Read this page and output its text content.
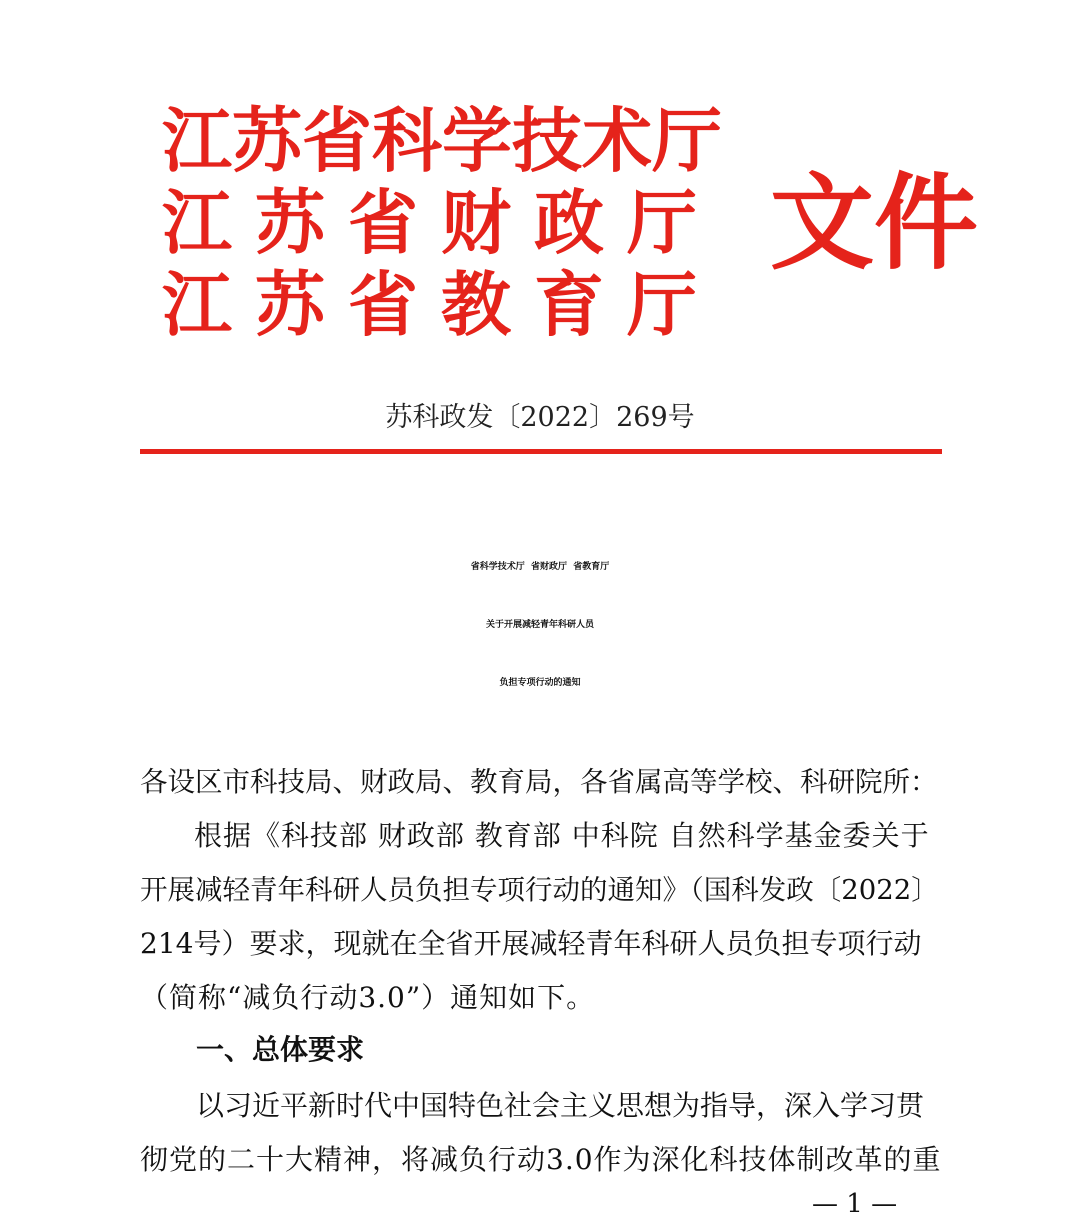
江苏省科学技术厅

江苏省财政厅

江苏省教育厅

文件

苏科政发〔2022〕269号

省科学技术厅  省财政厅  省教育厅

关于开展减轻青年科研人员

负担专项行动的通知

各设区市科技局、财政局、教育局，各省属高等学校、科研院所：

根据《科技部 财政部 教育部 中科院 自然科学基金委关于

开展减轻青年科研人员负担专项行动的通知》（国科发政〔2022〕

214号）要求，现就在全省开展减轻青年科研人员负担专项行动

（简称“减负行动3.0”）通知如下。

一、总体要求

以习近平新时代中国特色社会主义思想为指导，深入学习贯

彻党的二十大精神，将减负行动3.0作为深化科技体制改革的重

— 1 —
